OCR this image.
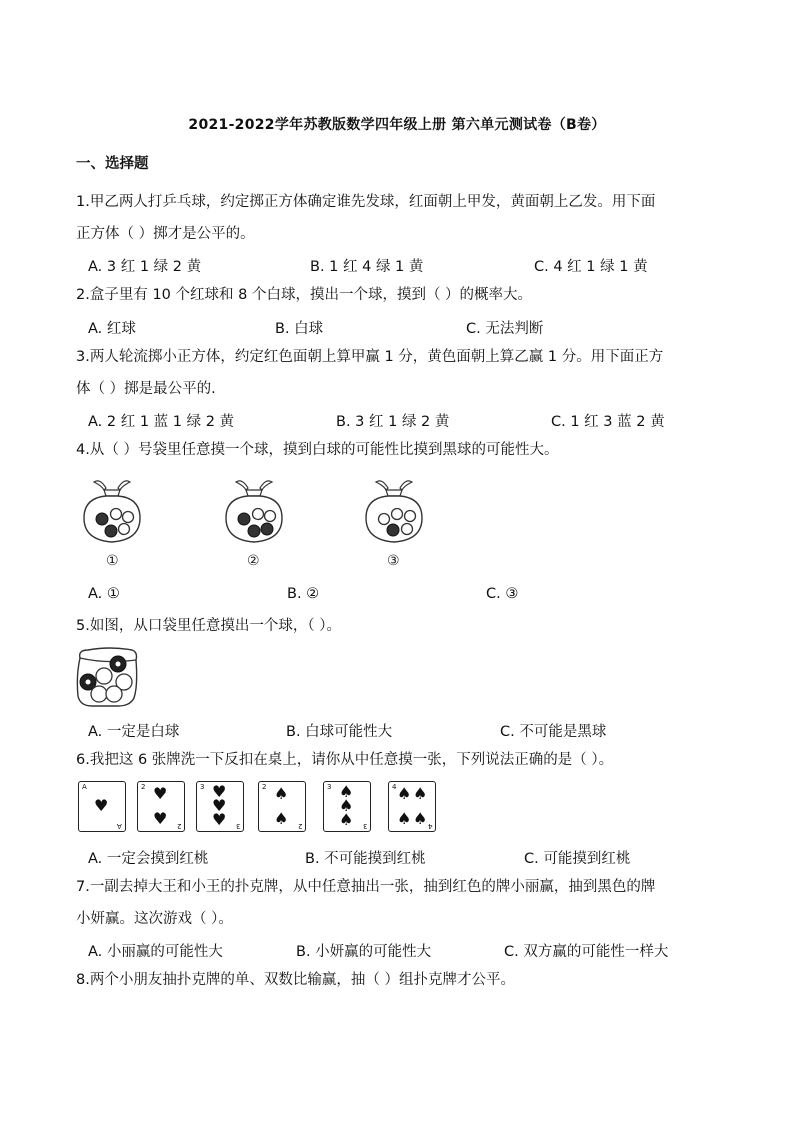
2021-2022学年苏教版数学四年级上册 第六单元测试卷（B卷）
一、选择题
1.甲乙两人打乒乓球，约定掷正方体确定谁先发球，红面朝上甲发，黄面朝上乙发。用下面
正方体（ ）掷才是公平的。
A. 3 红 1 绿 2 黄	B. 1 红 4 绿 1 黄	C. 4 红 1 绿 1 黄
2.盒子里有 10 个红球和 8 个白球，摸出一个球，摸到（ ）的概率大。
A. 红球	B. 白球	C. 无法判断
3.两人轮流掷小正方体，约定红色面朝上算甲赢 1 分，黄色面朝上算乙赢 1 分。用下面正方
体（ ）掷是最公平的.
A. 2 红 1 蓝 1 绿 2 黄	B. 3 红 1 绿 2 黄	C. 1 红 3 蓝 2 黄
4.从（ ）号袋里任意摸一个球，摸到白球的可能性比摸到黑球的可能性大。
①	②	③
A. ①	B. ②	C. ③
5.如图，从口袋里任意摸出一个球，（ ）。
A. 一定是白球	B. 白球可能性大	C. 不可能是黑球
6.我把这 6 张牌洗一下反扣在桌上，请你从中任意摸一张，下列说法正确的是（ ）。
A
♥
A
2 ♥
♥ 2
3 ♥
♥
♥ 3
2 ♠
♠ 2
3 ♠
♠
♠ 3
4 ♠ ♠
♠ ♠ 4
A. 一定会摸到红桃	B. 不可能摸到红桃	C. 可能摸到红桃
7.一副去掉大王和小王的扑克牌，从中任意抽出一张，抽到红色的牌小丽赢，抽到黑色的牌
小妍赢。这次游戏（ ）。
A. 小丽赢的可能性大	B. 小妍赢的可能性大	C. 双方赢的可能性一样大
8.两个小朋友抽扑克牌的单、双数比输赢，抽（ ）组扑克牌才公平。
